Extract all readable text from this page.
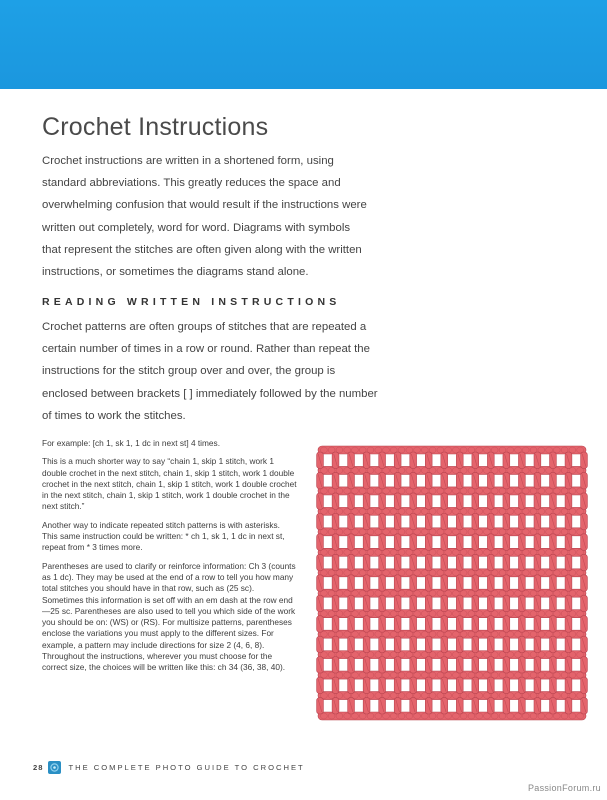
Crochet Instructions

Crochet instructions are written in a shortened form, using standard abbreviations. This greatly reduces the space and overwhelming confusion that would result if the instructions were written out completely, word for word. Diagrams with symbols that represent the stitches are often given along with the written instructions, or sometimes the diagrams stand alone.

READING WRITTEN INSTRUCTIONS

Crochet patterns are often groups of stitches that are repeated a certain number of times in a row or round. Rather than repeat the instructions for the stitch group over and over, the group is enclosed between brackets [ ] immediately followed by the number of times to work the stitches.

For example: [ch 1, sk 1, 1 dc in next st] 4 times.

This is a much shorter way to say “chain 1, skip 1 stitch, work 1 double crochet in the next stitch, chain 1, skip 1 stitch, work 1 double crochet in the next stitch, chain 1, skip 1 stitch, work 1 double crochet in the next stitch, chain 1, skip 1 stitch, work 1 double crochet in the next stitch.”

Another way to indicate repeated stitch patterns is with asterisks. This same instruction could be written: * ch 1, sk 1, 1 dc in next st, repeat from * 3 times more.

Parentheses are used to clarify or reinforce information: Ch 3 (counts as 1 dc). They may be used at the end of a row to tell you how many total stitches you should have in that row, such as (25 sc). Sometimes this information is set off with an em dash at the row end—25 sc. Parentheses are also used to tell you which side of the work you should be on: (WS) or (RS). For multisize patterns, parentheses enclose the variations you must apply to the different sizes. For example, a pattern may include directions for size 2 (4, 6, 8). Throughout the instructions, wherever you must choose for the correct size, the choices will be written like this: ch 34 (36, 38, 40).

28	THE COMPLETE PHOTO GUIDE TO CROCHET
PassionForum.ru
